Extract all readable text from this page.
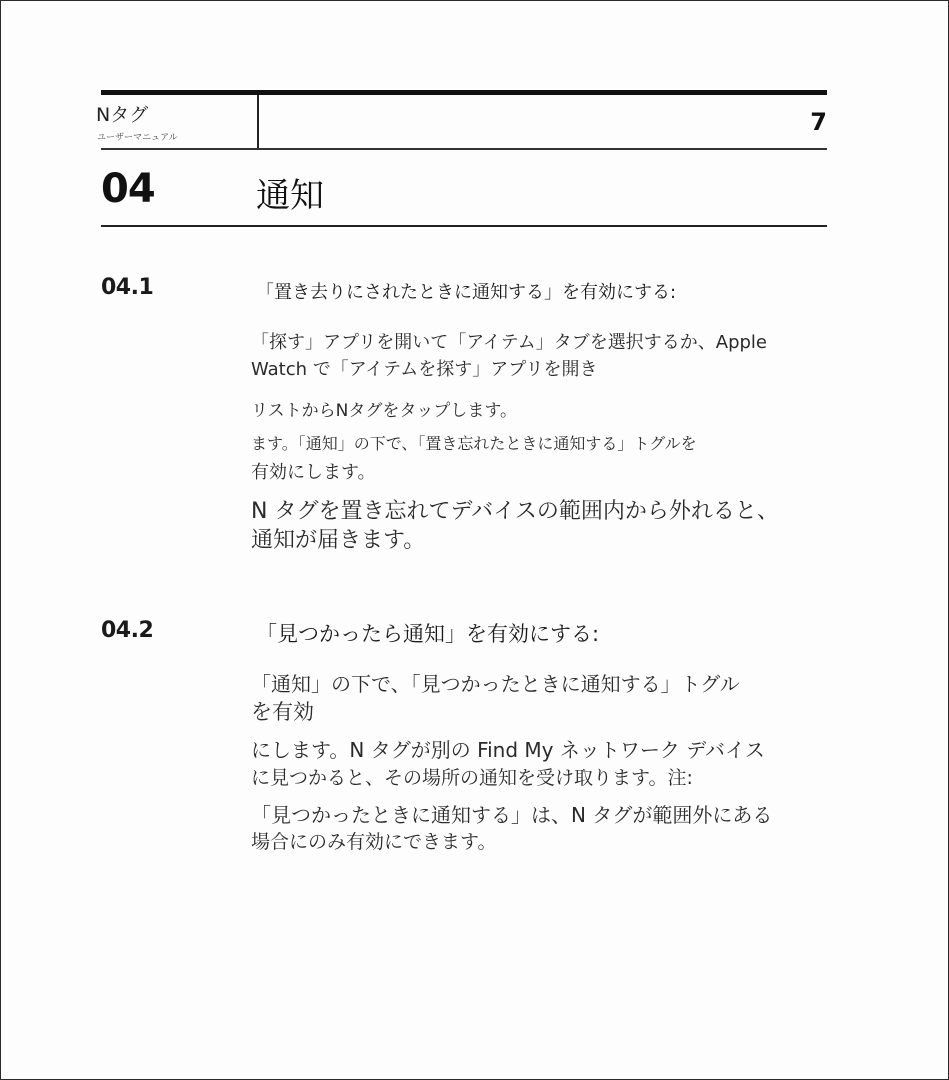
Nタグ
ユーザーマニュアル
7
04	通知
04.1	「置き去りにされたときに通知する」を有効にする:
「探す」アプリを開いて「アイテム」タブを選択するか、Apple
Watch で「アイテムを探す」アプリを開き
リストからNタグをタップします。
ます。「通知」の下で、「置き忘れたときに通知する」トグルを
有効にします。
N タグを置き忘れてデバイスの範囲内から外れると、
通知が届きます。
04.2	「見つかったら通知」を有効にする:
「通知」の下で、「見つかったときに通知する」トグル
を有効
にします。N タグが別の Find My ネットワーク デバイス
に見つかると、その場所の通知を受け取ります。注:
「見つかったときに通知する」は、N タグが範囲外にある
場合にのみ有効にできます。
